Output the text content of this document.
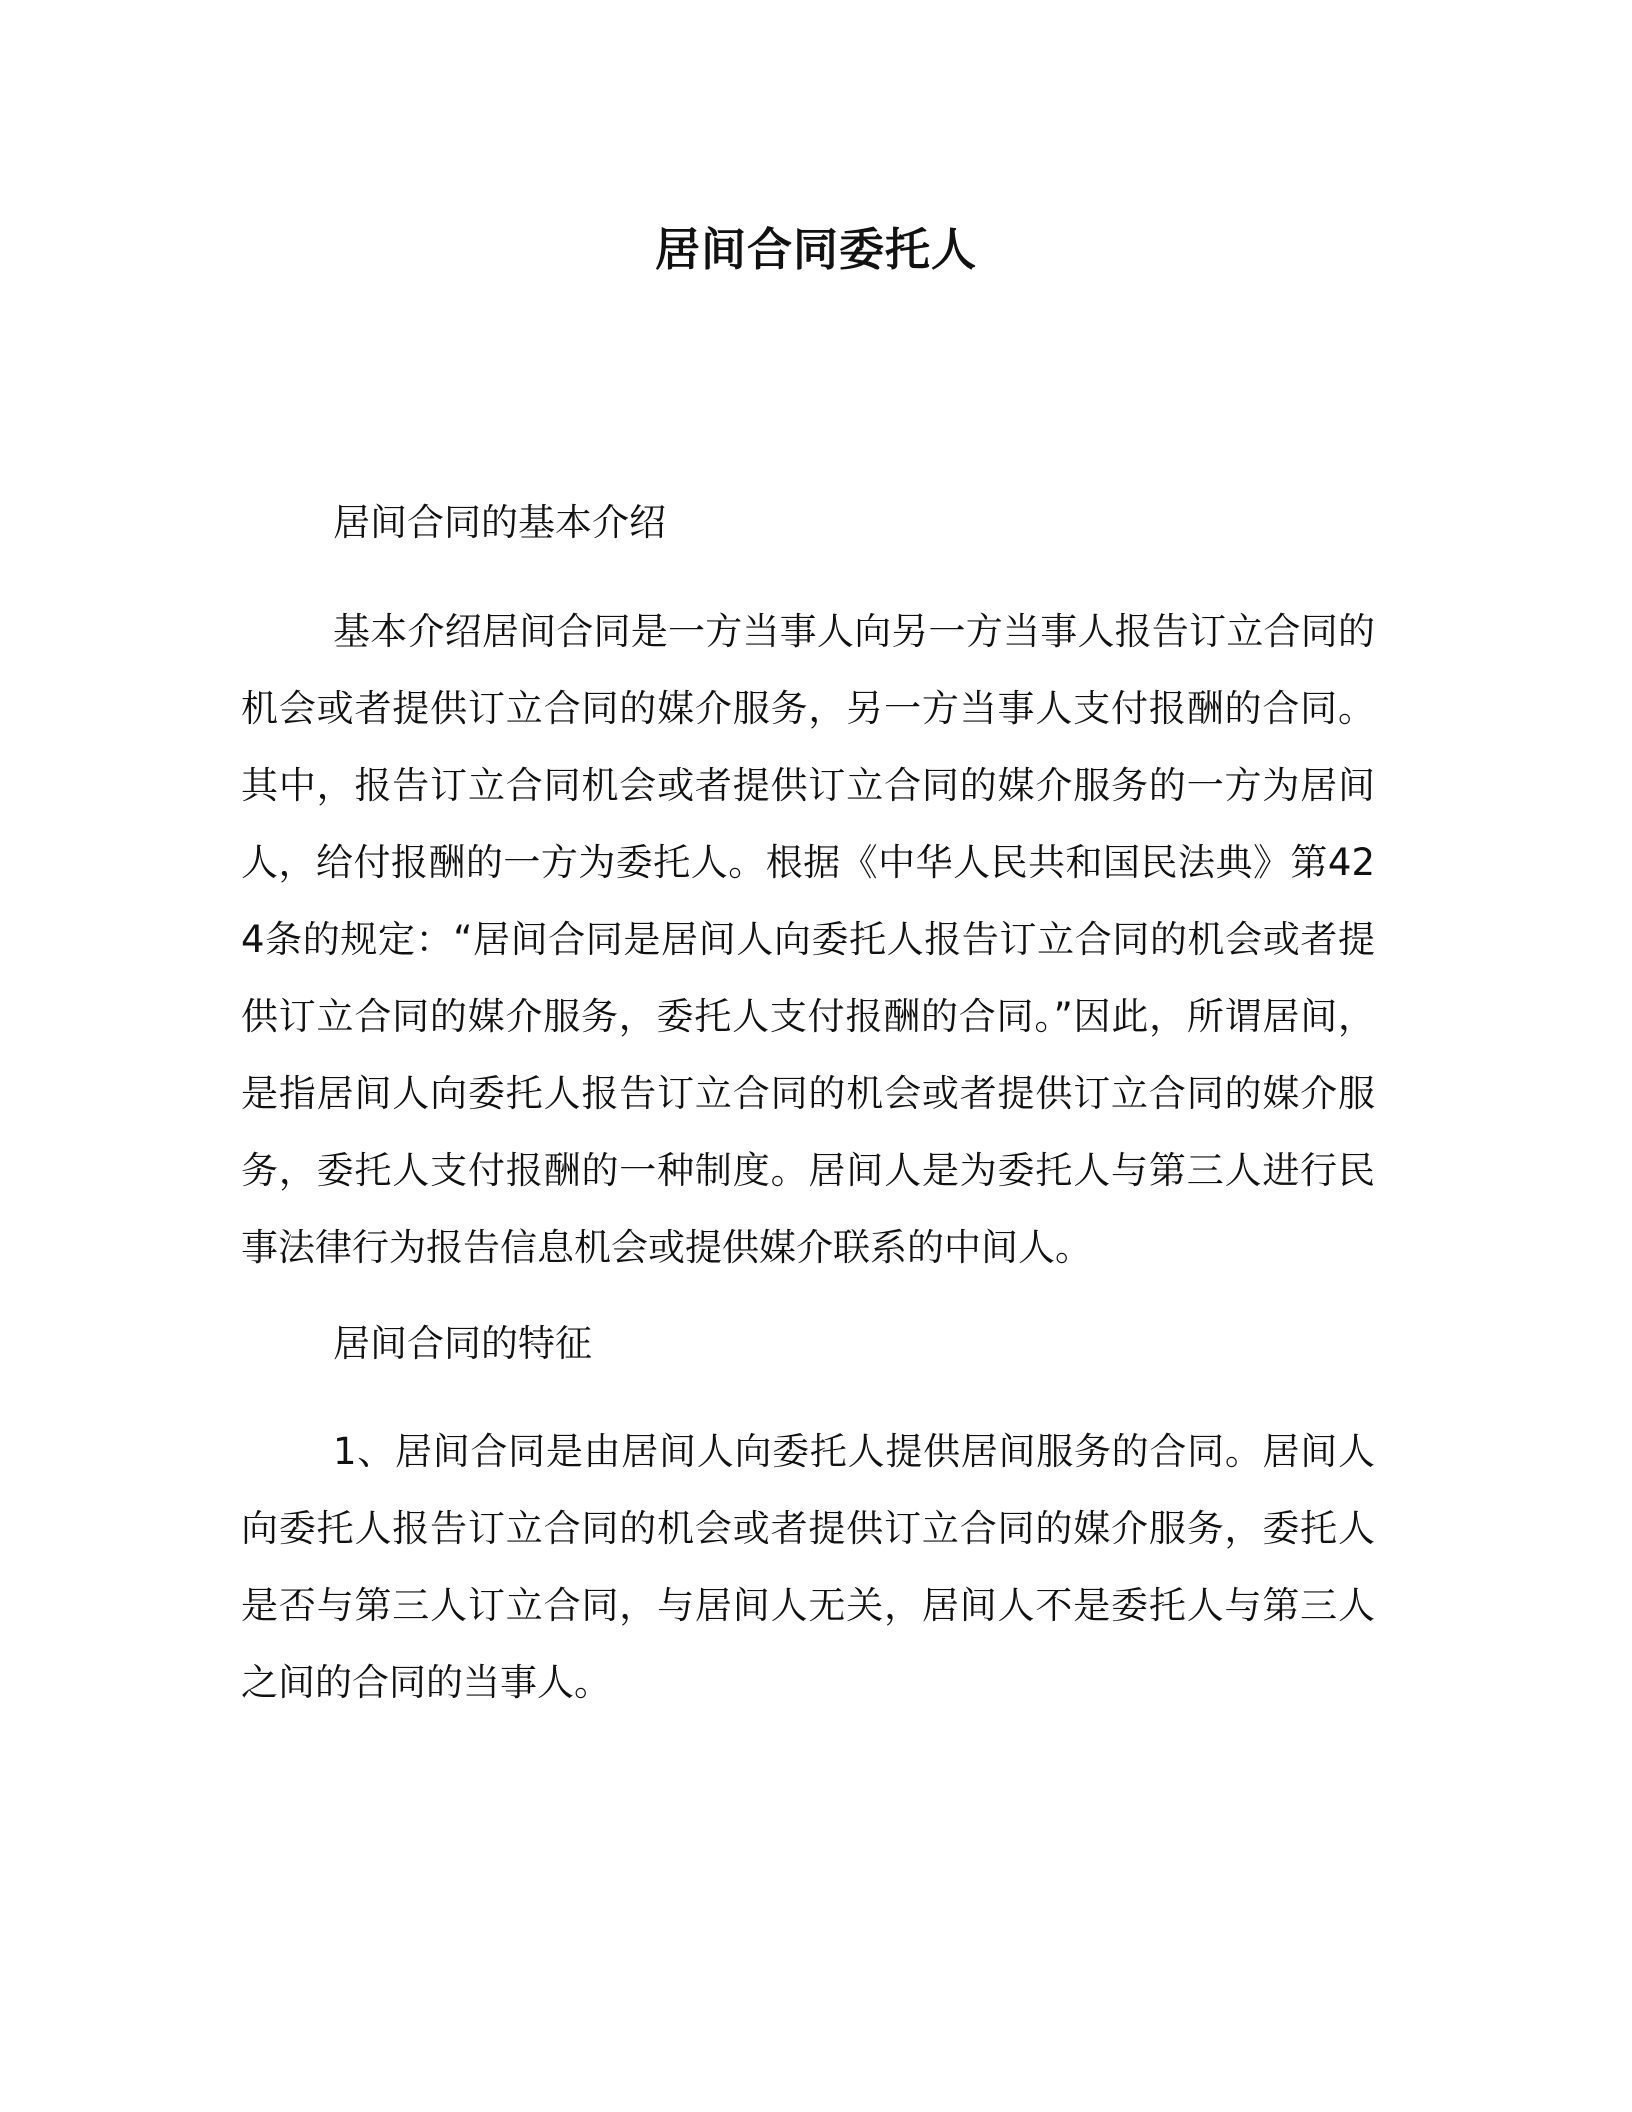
居间合同委托人

居间合同的基本介绍

基本介绍居间合同是一方当事人向另一方当事人报告订立合同的机会或者提供订立合同的媒介服务，另一方当事人支付报酬的合同。其中，报告订立合同机会或者提供订立合同的媒介服务的一方为居间人，给付报酬的一方为委托人。根据《中华人民共和国民法典》第424条的规定：“居间合同是居间人向委托人报告订立合同的机会或者提供订立合同的媒介服务，委托人支付报酬的合同。”因此，所谓居间，是指居间人向委托人报告订立合同的机会或者提供订立合同的媒介服务，委托人支付报酬的一种制度。居间人是为委托人与第三人进行民事法律行为报告信息机会或提供媒介联系的中间人。

居间合同的特征

1、居间合同是由居间人向委托人提供居间服务的合同。居间人向委托人报告订立合同的机会或者提供订立合同的媒介服务，委托人是否与第三人订立合同，与居间人无关，居间人不是委托人与第三人之间的合同的当事人。
